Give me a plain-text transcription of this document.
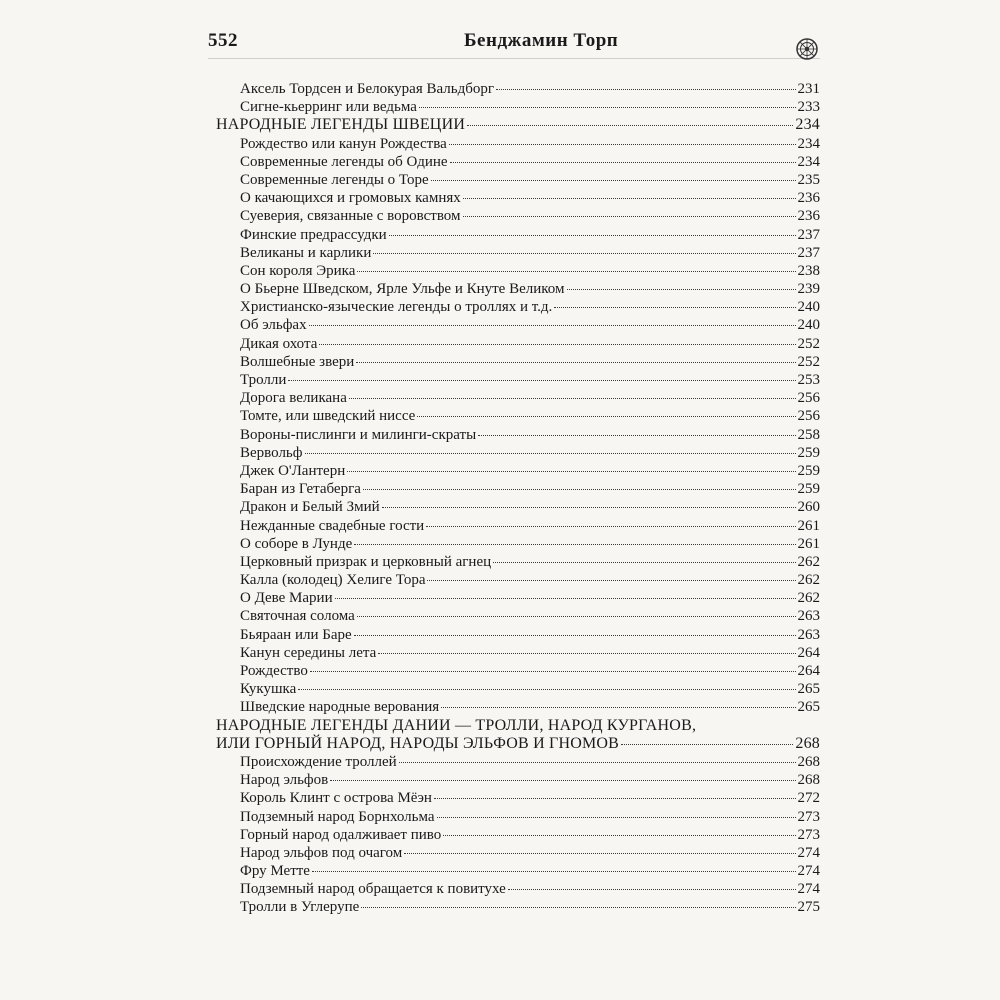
552	Бенджамин Торп
Аксель Тордсен и Белокурая Вальдборг	231
Сигне-кьерринг или ведьма	233
НАРОДНЫЕ ЛЕГЕНДЫ ШВЕЦИИ	234
Рождество или канун Рождества	234
Современные легенды об Одине	234
Современные легенды о Торе	235
О качающихся и громовых камнях	236
Суеверия, связанные с воровством	236
Финские предрассудки	237
Великаны и карлики	237
Сон короля Эрика	238
О Бьерне Шведском, Ярле Ульфе и Кнуте Великом	239
Христианско-языческие легенды о троллях и т.д.	240
Об эльфах	240
Дикая охота	252
Волшебные звери	252
Тролли	253
Дорога великана	256
Томте, или шведский ниссе	256
Вороны-пислинги и милинги-скраты	258
Вервольф	259
Джек О'Лантерн	259
Баран из Гетаберга	259
Дракон и Белый Змий	260
Нежданные свадебные гости	261
О соборе в Лунде	261
Церковный призрак и церковный агнец	262
Калла (колодец) Хелиге Тора	262
О Деве Марии	262
Святочная солома	263
Бьяраан или Баре	263
Канун середины лета	264
Рождество	264
Кукушка	265
Шведские народные верования	265
НАРОДНЫЕ ЛЕГЕНДЫ ДАНИИ — ТРОЛЛИ, НАРОД КУРГАНОВ,
ИЛИ ГОРНЫЙ НАРОД, НАРОДЫ ЭЛЬФОВ И ГНОМОВ	268
Происхождение троллей	268
Народ эльфов	268
Король Клинт с острова Мёэн	272
Подземный народ Борнхольма	273
Горный народ одалживает пиво	273
Народ эльфов под очагом	274
Фру Метте	274
Подземный народ обращается к повитухе	274
Тролли в Углерупе	275
